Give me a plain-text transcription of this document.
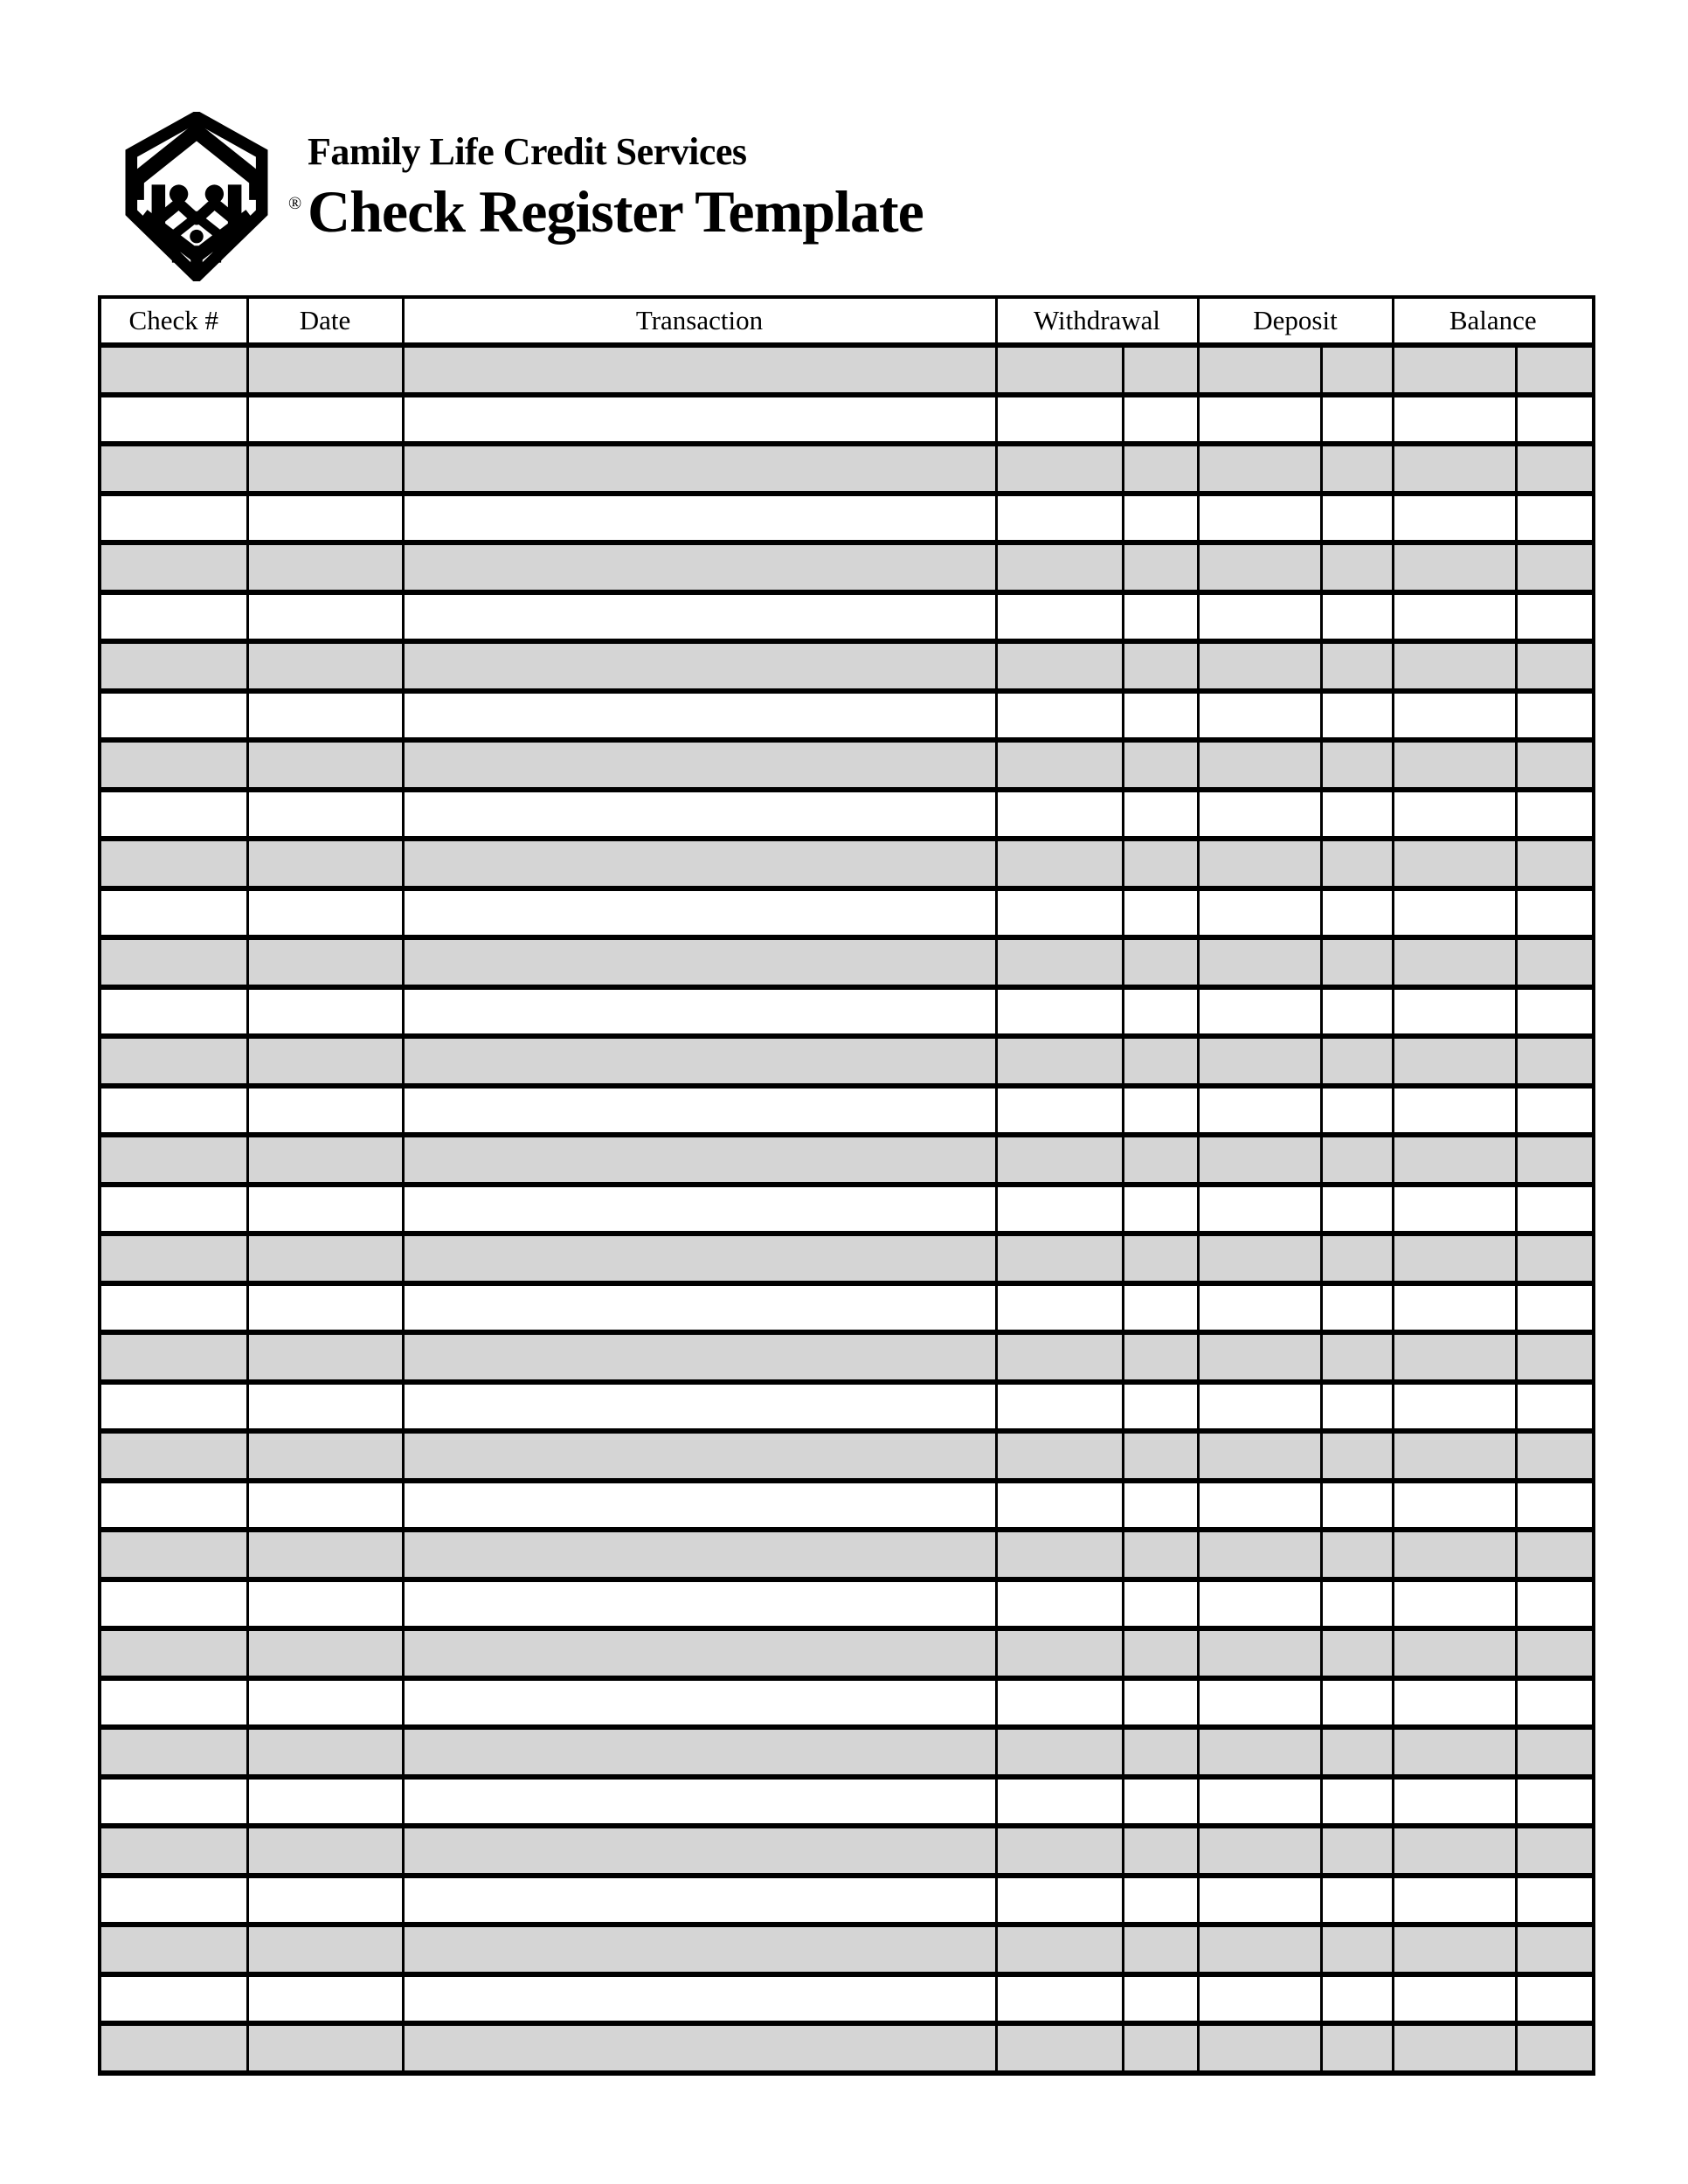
®
Family Life Credit Services
Check Register Template
Check #	Date	Transaction	Withdrawal		Deposit		Balance	
